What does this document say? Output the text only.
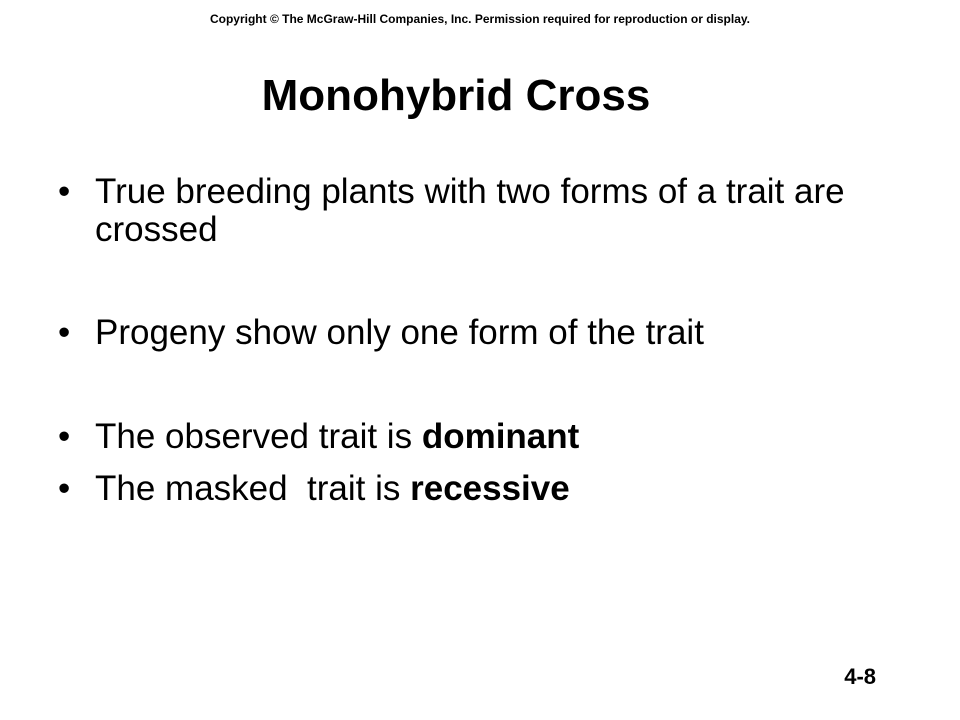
Copyright © The McGraw-Hill Companies, Inc. Permission required for reproduction or display.
Monohybrid Cross
• True breeding plants with two forms of a trait are crossed
• Progeny show only one form of the trait
• The observed trait is dominant
• The masked  trait is recessive
4-8
